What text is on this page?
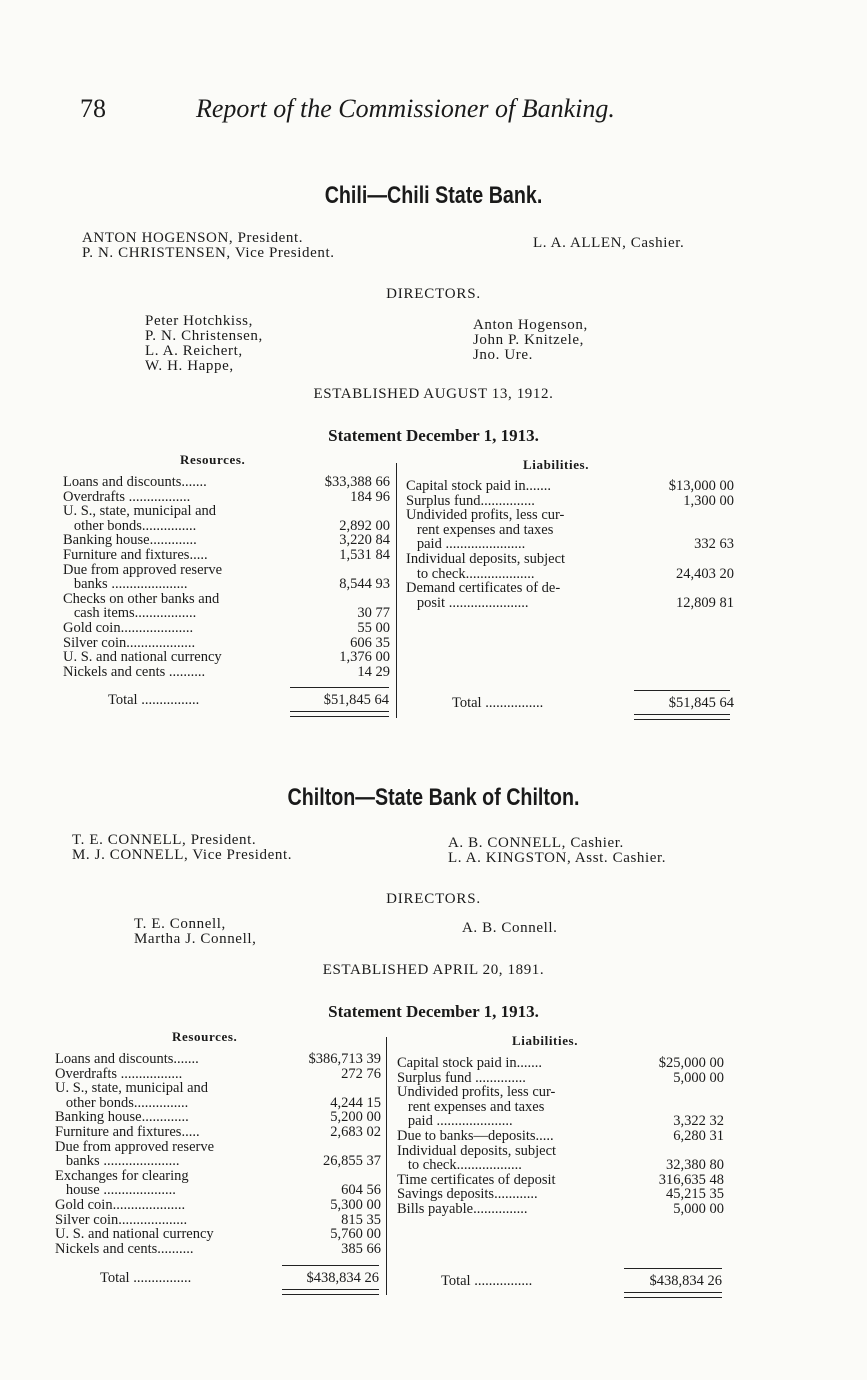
78	Report of the Commissioner of Banking.
Chili—Chili State Bank.
ANTON HOGENSON, President.
P. N. CHRISTENSEN, Vice President.
L. A. ALLEN, Cashier.
DIRECTORS.
Peter Hotchkiss,
P. N. Christensen,
L. A. Reichert,
W. H. Happe,
Anton Hogenson,
John P. Knitzele,
Jno. Ure.
ESTABLISHED AUGUST 13, 1912.
Statement December 1, 1913.
Resources.	Liabilities.
Loans and discounts.......	$33,388 66
Overdrafts .................	184 96
U. S., state, municipal and
other bonds...............	2,892 00
Banking house.............	3,220 84
Furniture and fixtures.....	1,531 84
Due from approved reserve
banks .....................	8,544 93
Checks on other banks and
cash items.................	30 77
Gold coin....................	55 00
Silver coin...................	606 35
U. S. and national currency	1,376 00
Nickels and cents ..........	14 29
Capital stock paid in.......	$13,000 00
Surplus fund...............	1,300 00
Undivided profits, less cur-
rent expenses and taxes
paid ......................	332 63
Individual deposits, subject
to check...................	24,403 20
Demand certificates of de-
posit ......................	12,809 81
Total ................	$51,845 64	Total ................	$51,845 64
Chilton—State Bank of Chilton.
T. E. CONNELL, President.
M. J. CONNELL, Vice President.
A. B. CONNELL, Cashier.
L. A. KINGSTON, Asst. Cashier.
DIRECTORS.
T. E. Connell,
Martha J. Connell,
A. B. Connell.
ESTABLISHED APRIL 20, 1891.
Statement December 1, 1913.
Resources.	Liabilities.
Loans and discounts.......	$386,713 39
Overdrafts .................	272 76
U. S., state, municipal and
other bonds...............	4,244 15
Banking house.............	5,200 00
Furniture and fixtures.....	2,683 02
Due from approved reserve
banks .....................	26,855 37
Exchanges for clearing
house ....................	604 56
Gold coin....................	5,300 00
Silver coin...................	815 35
U. S. and national currency	5,760 00
Nickels and cents..........	385 66
Capital stock paid in.......	$25,000 00
Surplus fund ..............	5,000 00
Undivided profits, less cur-
rent expenses and taxes
paid .....................	3,322 32
Due to banks—deposits.....	6,280 31
Individual deposits, subject
to check..................	32,380 80
Time certificates of deposit	316,635 48
Savings deposits............	45,215 35
Bills payable...............	5,000 00
Total ................	$438,834 26	Total ................	$438,834 26
